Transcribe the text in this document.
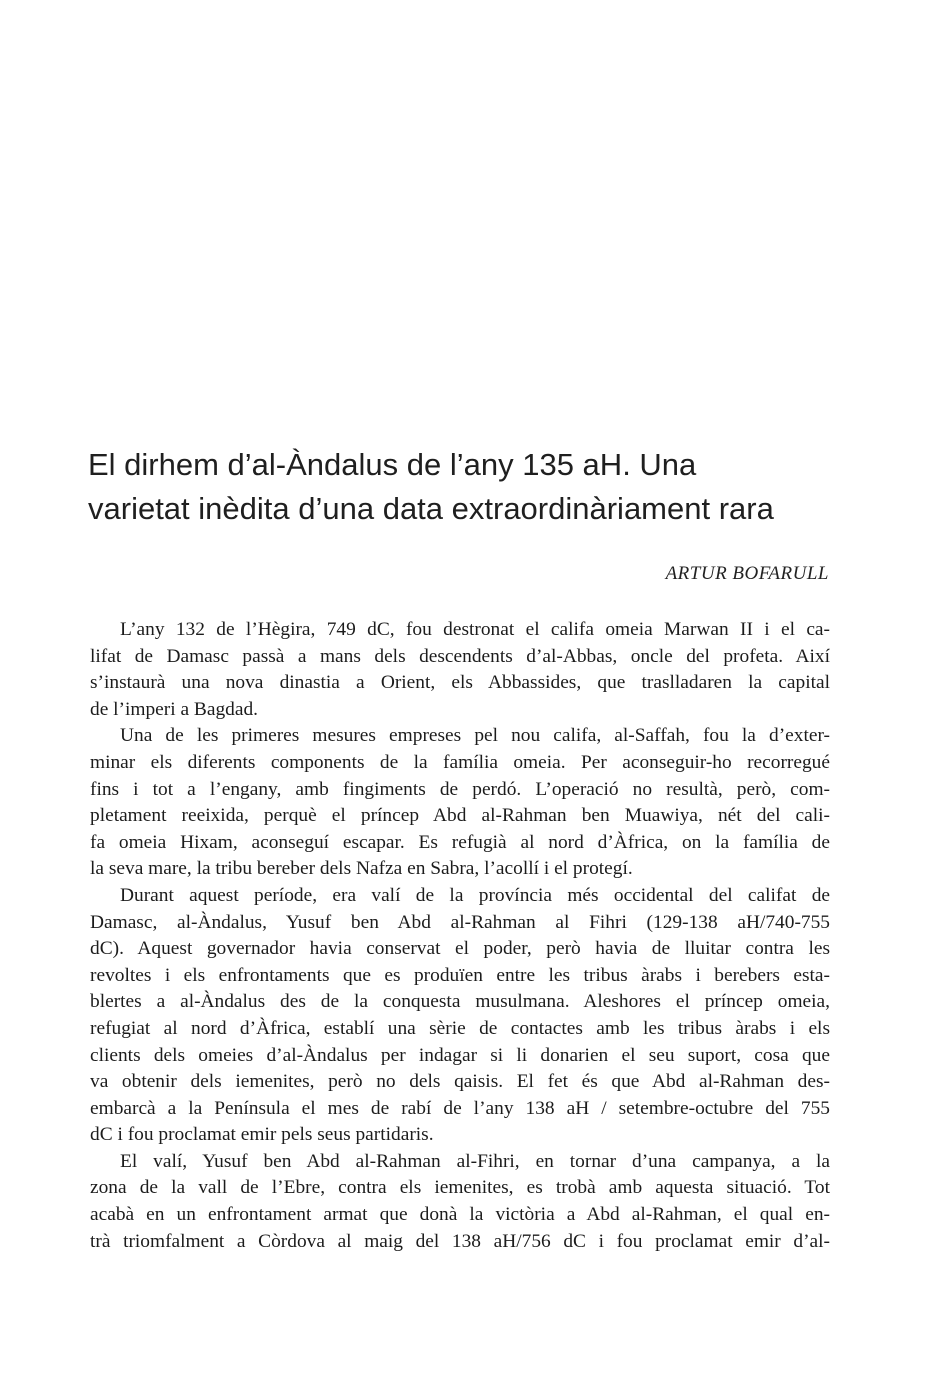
El dirhem d’al-Àndalus de l’any 135 aH. Una
varietat inèdita d’una data extraordinàriament rara

ARTUR BOFARULL

L’any 132 de l’Hègira, 749 dC, fou destronat el califa omeia Marwan II i el ca-
lifat de Damasc passà a mans dels descendents d’al-Abbas, oncle del profeta. Així
s’instaurà una nova dinastia a Orient, els Abbassides, que traslladaren la capital
de l’imperi a Bagdad.

Una de les primeres mesures empreses pel nou califa, al-Saffah, fou la d’exter-
minar els diferents components de la família omeia. Per aconseguir-ho recorregué
fins i tot a l’engany, amb fingiments de perdó. L’operació no resultà, però, com-
pletament reeixida, perquè el príncep Abd al-Rahman ben Muawiya, nét del cali-
fa omeia Hixam, aconseguí escapar. Es refugià al nord d’Àfrica, on la família de
la seva mare, la tribu bereber dels Nafza en Sabra, l’acollí i el protegí.

Durant aquest període, era valí de la província més occidental del califat de
Damasc, al-Àndalus, Yusuf ben Abd al-Rahman al Fihri (129-138 aH/740-755
dC). Aquest governador havia conservat el poder, però havia de lluitar contra les
revoltes i els enfrontaments que es produïen entre les tribus àrabs i berebers esta-
blertes a al-Àndalus des de la conquesta musulmana. Aleshores el príncep omeia,
refugiat al nord d’Àfrica, establí una sèrie de contactes amb les tribus àrabs i els
clients dels omeies d’al-Àndalus per indagar si li donarien el seu suport, cosa que
va obtenir dels iemenites, però no dels qaisis. El fet és que Abd al-Rahman des-
embarcà a la Península el mes de rabí de l’any 138 aH / setembre-octubre del 755
dC i fou proclamat emir pels seus partidaris.

El valí, Yusuf ben Abd al-Rahman al-Fihri, en tornar d’una campanya, a la
zona de la vall de l’Ebre, contra els iemenites, es trobà amb aquesta situació. Tot
acabà en un enfrontament armat que donà la victòria a Abd al-Rahman, el qual en-
trà triomfalment a Còrdova al maig del 138 aH/756 dC i fou proclamat emir d’al-
